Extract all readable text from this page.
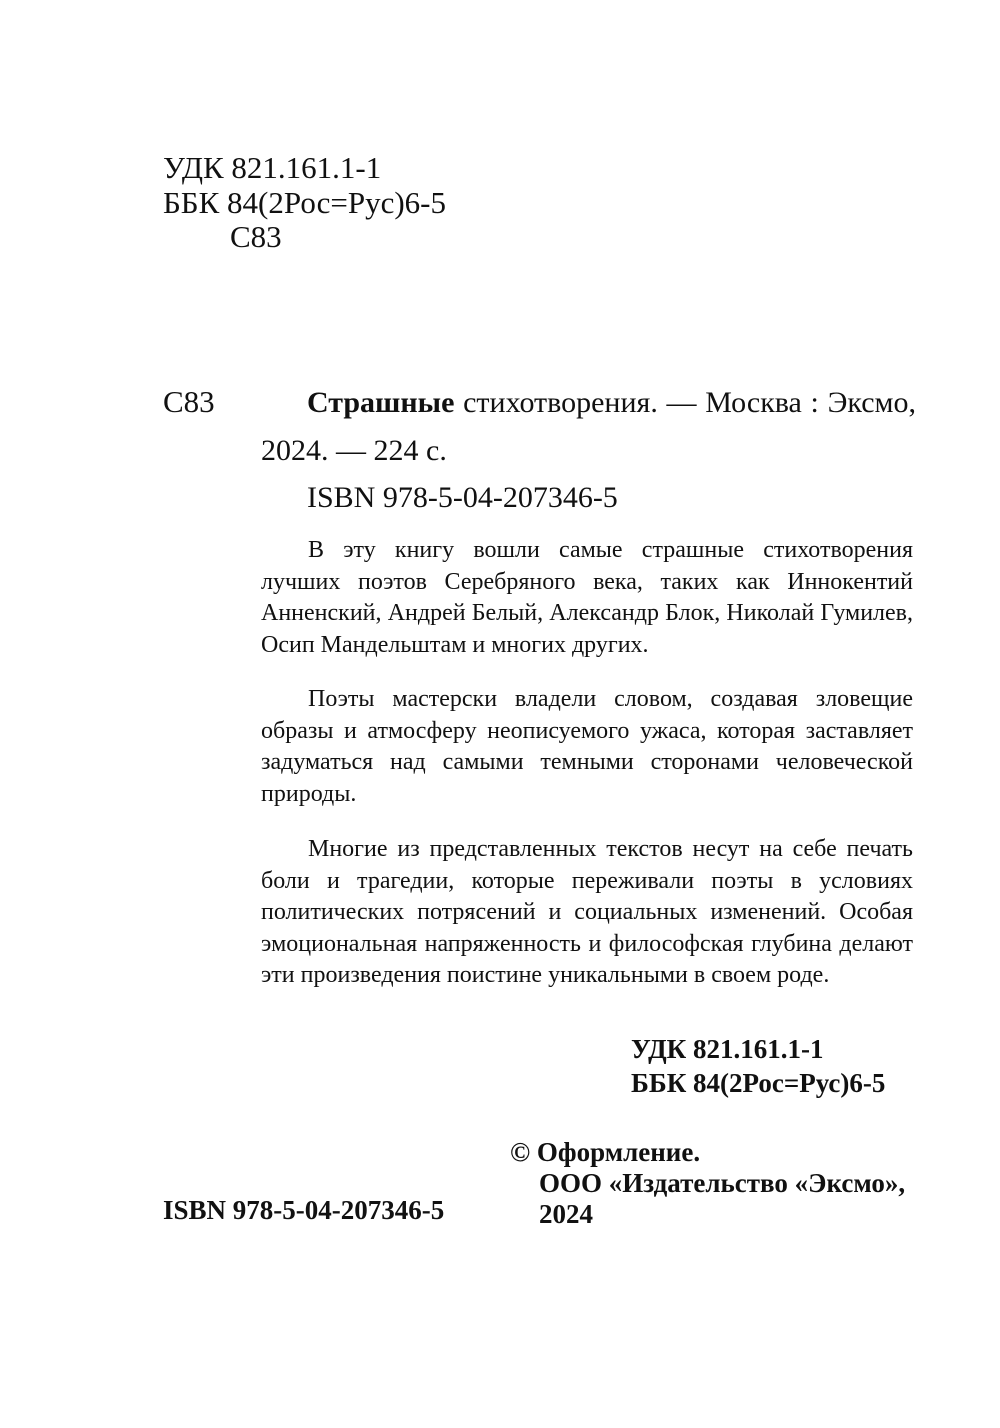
УДК 821.161.1-1
ББК 84(2Рос=Рус)6-5
С83
С83	Страшные стихотворения. — Москва : Эксмо, 2024. — 224 с.

ISBN 978-5-04-207346-5

В эту книгу вошли самые страшные стихотворения лучших поэтов Серебряного века, таких как Иннокентий Анненский, Андрей Белый, Александр Блок, Николай Гумилев, Осип Мандельштам и многих других.

Поэты мастерски владели словом, создавая зловещие образы и атмосферу неописуемого ужаса, которая заставляет задуматься над самыми темными сторонами человеческой природы.

Многие из представленных текстов несут на себе печать боли и трагедии, которые переживали поэты в условиях политических потрясений и социальных изменений. Особая эмоциональная напряженность и философская глубина делают эти произведения поистине уникальными в своем роде.

УДК 821.161.1-1
ББК 84(2Рос=Рус)6-5
© Оформление.
ООО «Издательство «Эксмо»,
2024
ISBN 978-5-04-207346-5
